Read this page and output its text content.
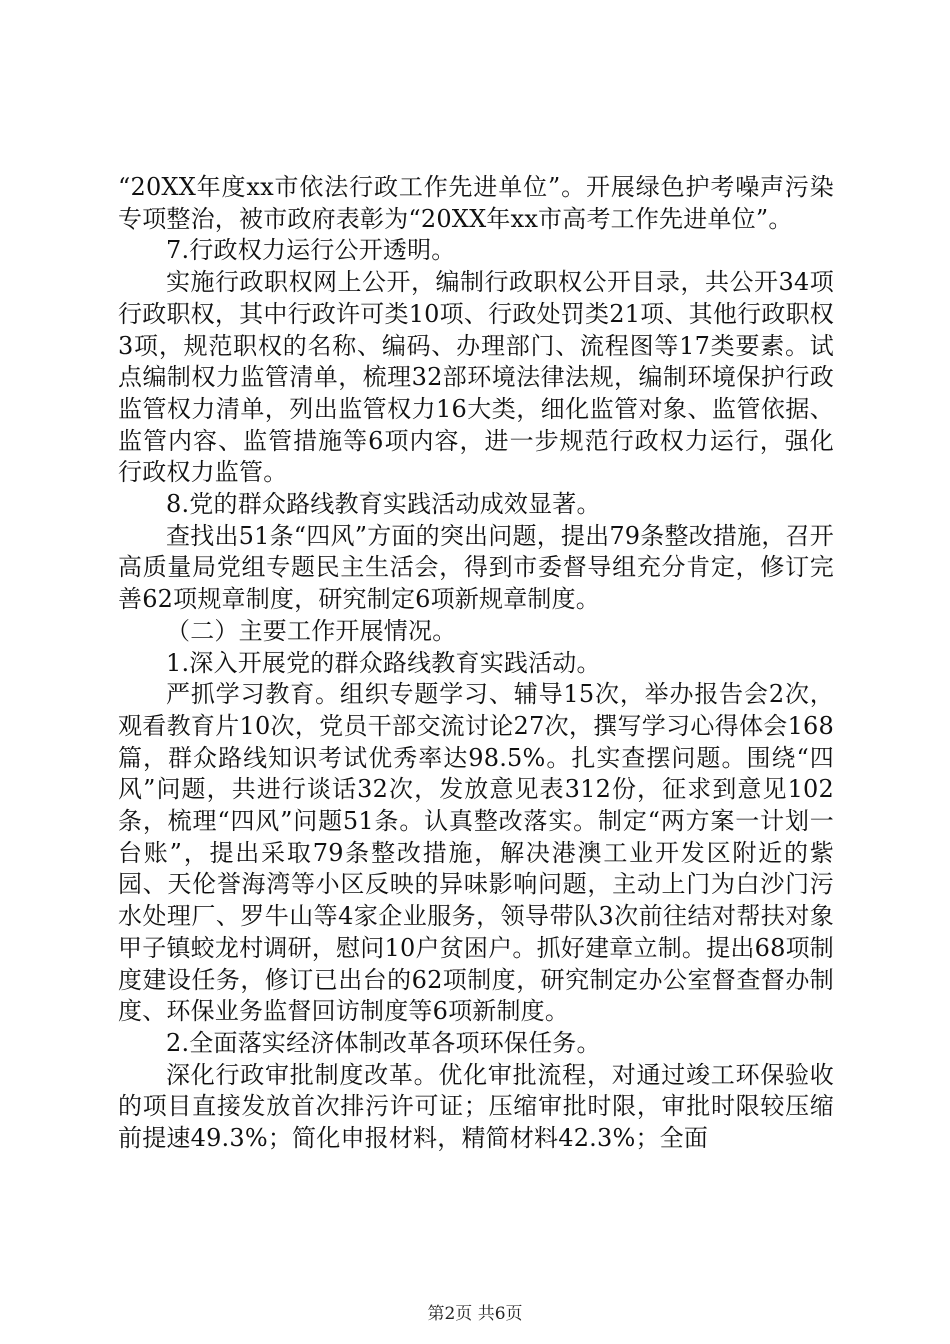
“20XX年度xx市依法行政工作先进单位”。开展绿色护考噪声污染专项整治，被市政府表彰为“20XX年xx市高考工作先进单位”。

7.行政权力运行公开透明。

实施行政职权网上公开，编制行政职权公开目录，共公开34项行政职权，其中行政许可类10项、行政处罚类21项、其他行政职权3项，规范职权的名称、编码、办理部门、流程图等17类要素。试点编制权力监管清单，梳理32部环境法律法规，编制环境保护行政监管权力清单，列出监管权力16大类，细化监管对象、监管依据、监管内容、监管措施等6项内容，进一步规范行政权力运行，强化行政权力监管。

8.党的群众路线教育实践活动成效显著。

查找出51条“四风”方面的突出问题，提出79条整改措施，召开高质量局党组专题民主生活会，得到市委督导组充分肯定，修订完善62项规章制度，研究制定6项新规章制度。

（二）主要工作开展情况。

1.深入开展党的群众路线教育实践活动。

严抓学习教育。组织专题学习、辅导15次，举办报告会2次，观看教育片10次，党员干部交流讨论27次，撰写学习心得体会168篇，群众路线知识考试优秀率达98.5%。扎实查摆问题。围绕“四风”问题，共进行谈话32次，发放意见表312份，征求到意见102条，梳理“四风”问题51条。认真整改落实。制定“两方案一计划一台账”，提出采取79条整改措施，解决港澳工业开发区附近的紫园、天伦誉海湾等小区反映的异味影响问题，主动上门为白沙门污水处理厂、罗牛山等4家企业服务，领导带队3次前往结对帮扶对象甲子镇蛟龙村调研，慰问10户贫困户。抓好建章立制。提出68项制度建设任务，修订已出台的62项制度，研究制定办公室督查督办制度、环保业务监督回访制度等6项新制度。

2.全面落实经济体制改革各项环保任务。

深化行政审批制度改革。优化审批流程，对通过竣工环保验收的项目直接发放首次排污许可证；压缩审批时限，审批时限较压缩前提速49.3%；简化申报材料，精简材料42.3%；全面

第2页 共6页
